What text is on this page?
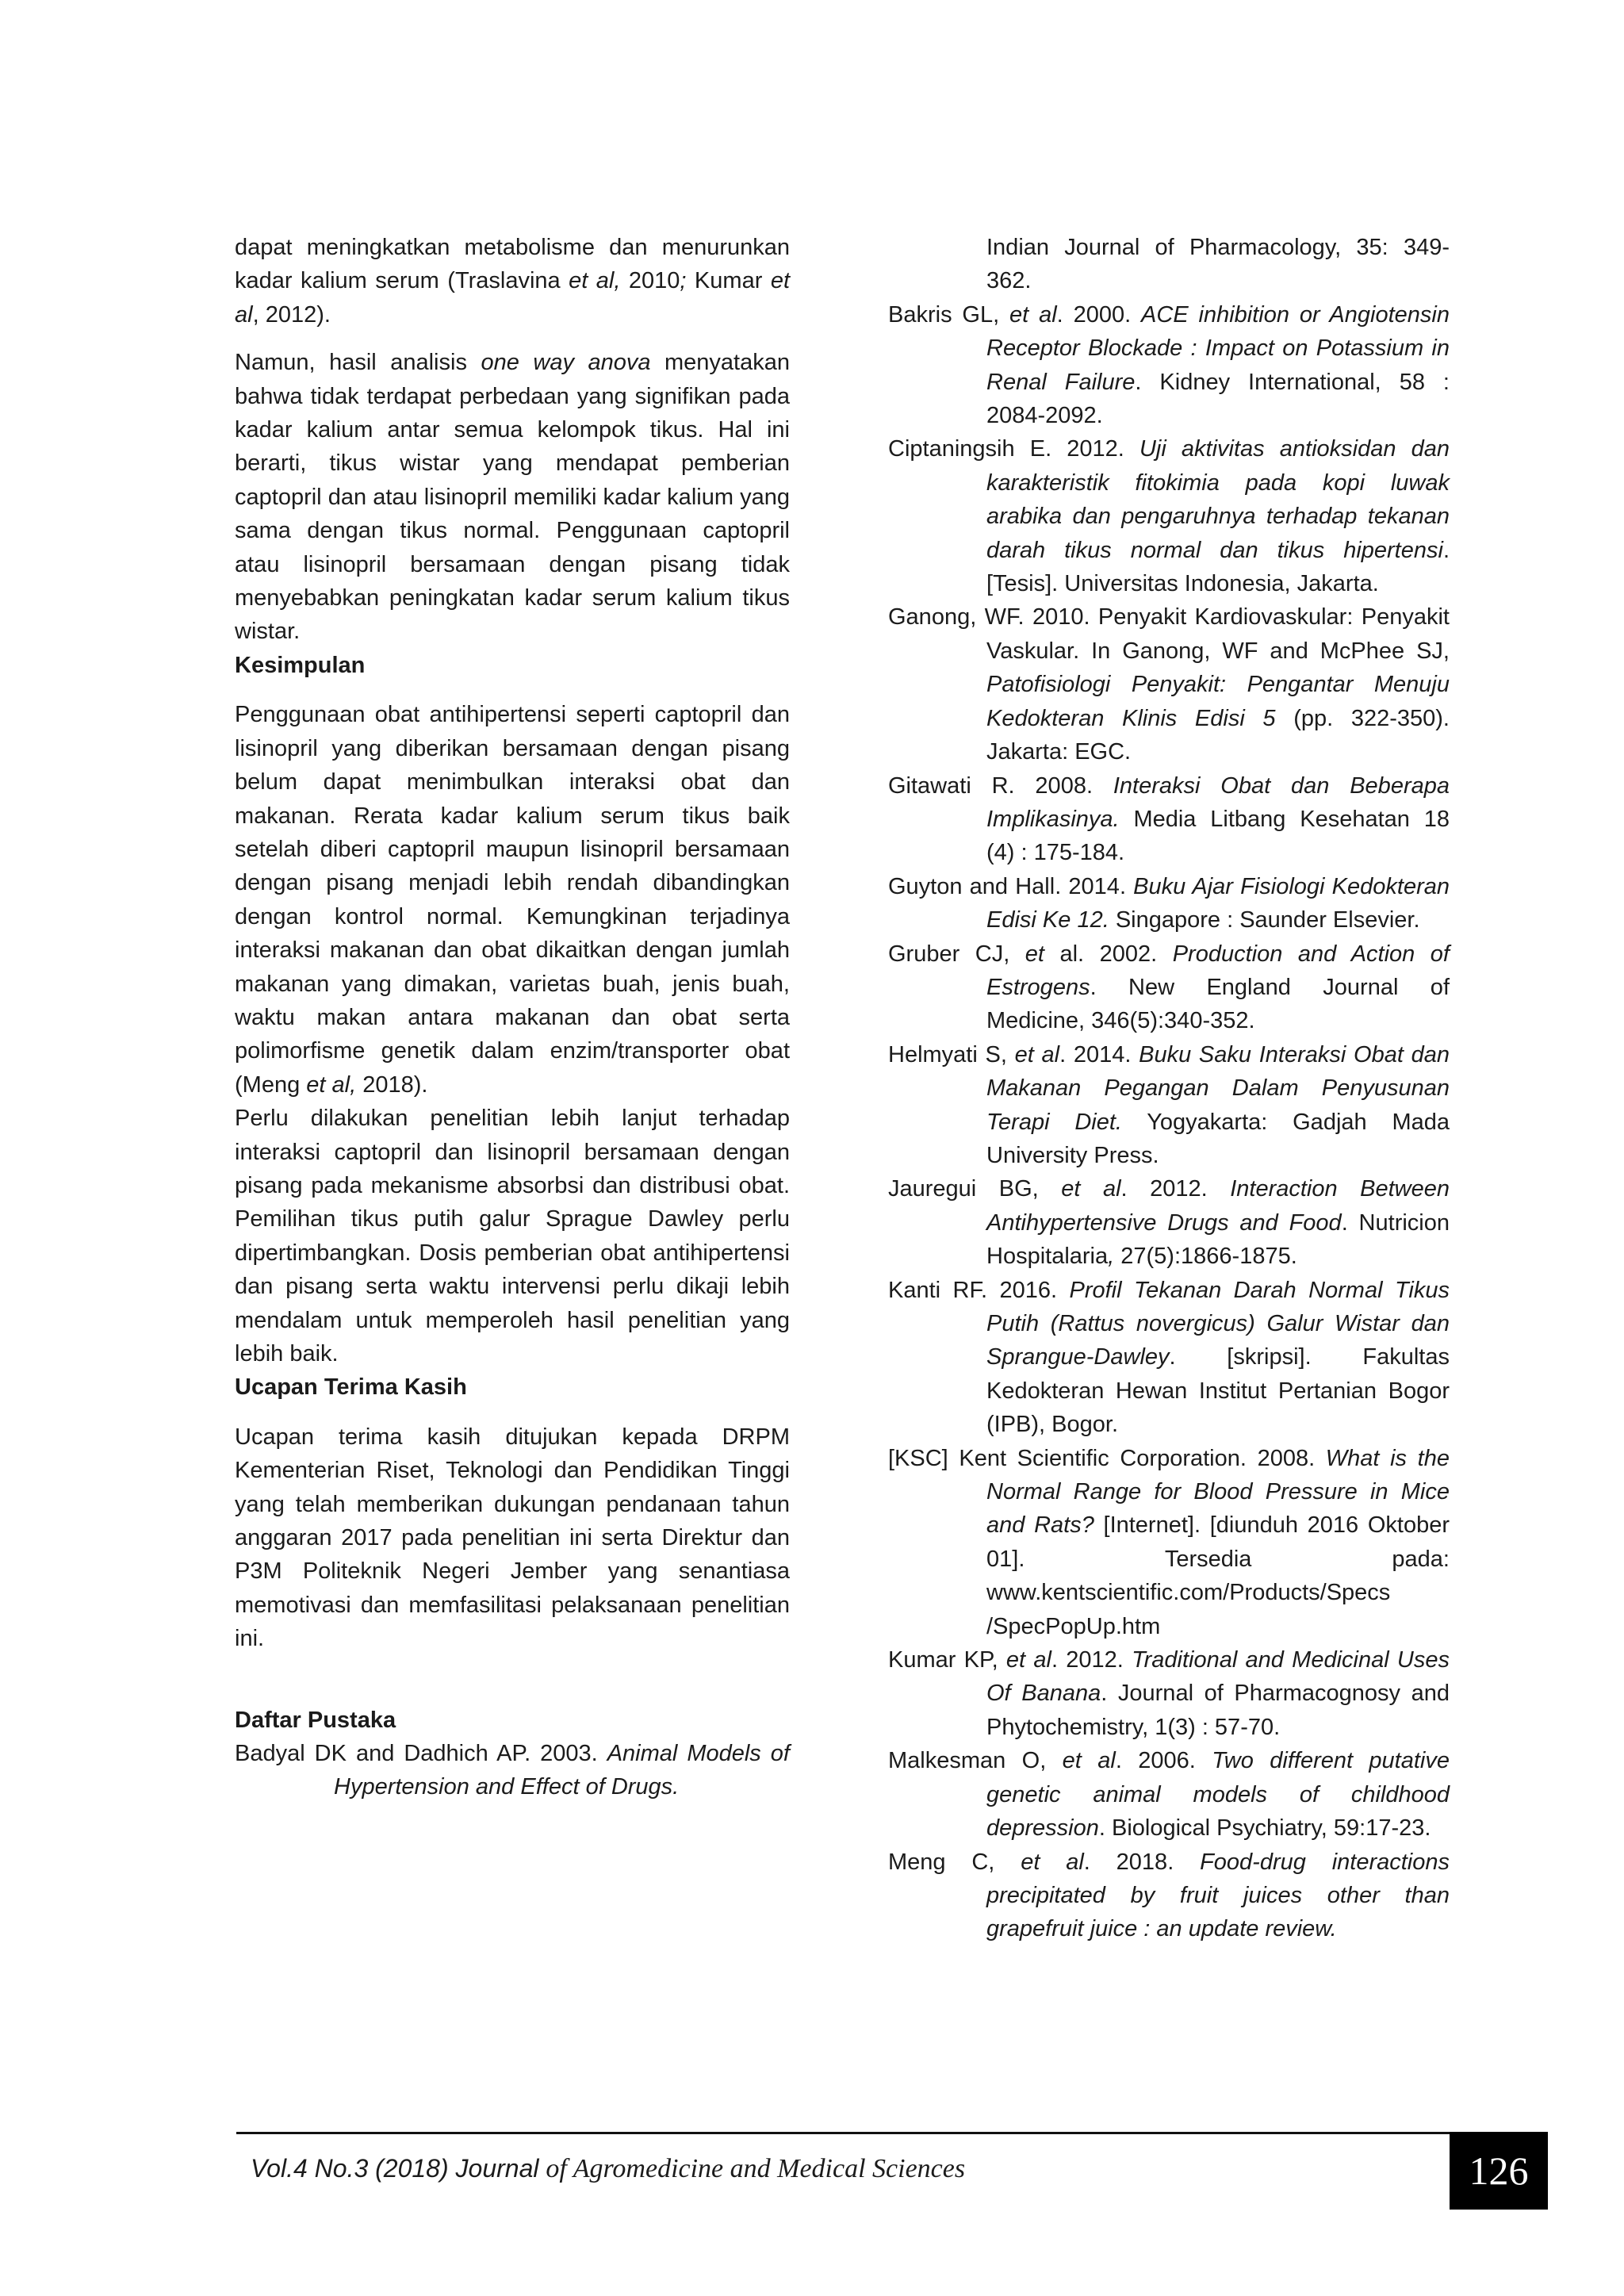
dapat meningkatkan metabolisme dan menurunkan kadar kalium serum (Traslavina et al, 2010; Kumar et al, 2012).

Namun, hasil analisis one way anova menyatakan bahwa tidak terdapat perbedaan yang signifikan pada kadar kalium antar semua kelompok tikus. Hal ini berarti, tikus wistar yang mendapat pemberian captopril dan atau lisinopril memiliki kadar kalium yang sama dengan tikus normal. Penggunaan captopril atau lisinopril bersamaan dengan pisang tidak menyebabkan peningkatan kadar serum kalium tikus wistar.

Kesimpulan

Penggunaan obat antihipertensi seperti captopril dan lisinopril yang diberikan bersamaan dengan pisang belum dapat menimbulkan interaksi obat dan makanan. Rerata kadar kalium serum tikus baik setelah diberi captopril maupun lisinopril bersamaan dengan pisang menjadi lebih rendah dibandingkan dengan kontrol normal. Kemungkinan terjadinya interaksi makanan dan obat dikaitkan dengan jumlah makanan yang dimakan, varietas buah, jenis buah, waktu makan antara makanan dan obat serta polimorfisme genetik dalam enzim/transporter obat (Meng et al, 2018).

Perlu dilakukan penelitian lebih lanjut terhadap interaksi captopril dan lisinopril bersamaan dengan pisang pada mekanisme absorbsi dan distribusi obat. Pemilihan tikus putih galur Sprague Dawley perlu dipertimbangkan. Dosis pemberian obat antihipertensi dan pisang serta waktu intervensi perlu dikaji lebih mendalam untuk memperoleh hasil penelitian yang lebih baik.

Ucapan Terima Kasih

Ucapan terima kasih ditujukan kepada DRPM Kementerian Riset, Teknologi dan Pendidikan Tinggi yang telah memberikan dukungan pendanaan tahun anggaran 2017 pada penelitian ini serta Direktur dan P3M Politeknik Negeri Jember yang senantiasa memotivasi dan memfasilitasi pelaksanaan penelitian ini.

Daftar Pustaka

Badyal DK and Dadhich AP. 2003. Animal Models of Hypertension and Effect of Drugs.

Indian Journal of Pharmacology, 35: 349-362.

Bakris GL, et al. 2000. ACE inhibition or Angiotensin Receptor Blockade : Impact on Potassium in Renal Failure. Kidney International, 58 : 2084-2092.

Ciptaningsih E. 2012. Uji aktivitas antioksidan dan karakteristik fitokimia pada kopi luwak arabika dan pengaruhnya terhadap tekanan darah tikus normal dan tikus hipertensi. [Tesis]. Universitas Indonesia, Jakarta.

Ganong, WF. 2010. Penyakit Kardiovaskular: Penyakit Vaskular. In Ganong, WF and McPhee SJ, Patofisiologi Penyakit: Pengantar Menuju Kedokteran Klinis Edisi 5 (pp. 322-350). Jakarta: EGC.

Gitawati R. 2008. Interaksi Obat dan Beberapa Implikasinya. Media Litbang Kesehatan 18 (4) : 175-184.

Guyton and Hall. 2014. Buku Ajar Fisiologi Kedokteran Edisi Ke 12. Singapore : Saunder Elsevier.

Gruber CJ, et al. 2002. Production and Action of Estrogens. New England Journal of Medicine, 346(5):340-352.

Helmyati S, et al. 2014. Buku Saku Interaksi Obat dan Makanan Pegangan Dalam Penyusunan Terapi Diet. Yogyakarta: Gadjah Mada University Press.

Jauregui BG, et al. 2012. Interaction Between Antihypertensive Drugs and Food. Nutricion Hospitalaria, 27(5):1866-1875.

Kanti RF. 2016. Profil Tekanan Darah Normal Tikus Putih (Rattus novergicus) Galur Wistar dan Sprangue-Dawley. [skripsi]. Fakultas Kedokteran Hewan Institut Pertanian Bogor (IPB), Bogor.

[KSC] Kent Scientific Corporation. 2008. What is the Normal Range for Blood Pressure in Mice and Rats? [Internet]. [diunduh 2016 Oktober 01]. Tersedia pada: www.kentscientific.com/Products/Specs /SpecPopUp.htm

Kumar KP, et al. 2012. Traditional and Medicinal Uses Of Banana. Journal of Pharmacognosy and Phytochemistry, 1(3) : 57-70.

Malkesman O, et al. 2006. Two different putative genetic animal models of childhood depression. Biological Psychiatry, 59:17-23.

Meng C, et al. 2018. Food-drug interactions precipitated by fruit juices other than grapefruit juice : an update review.

Vol.4 No.3 (2018) Journal of Agromedicine and Medical Sciences	126
